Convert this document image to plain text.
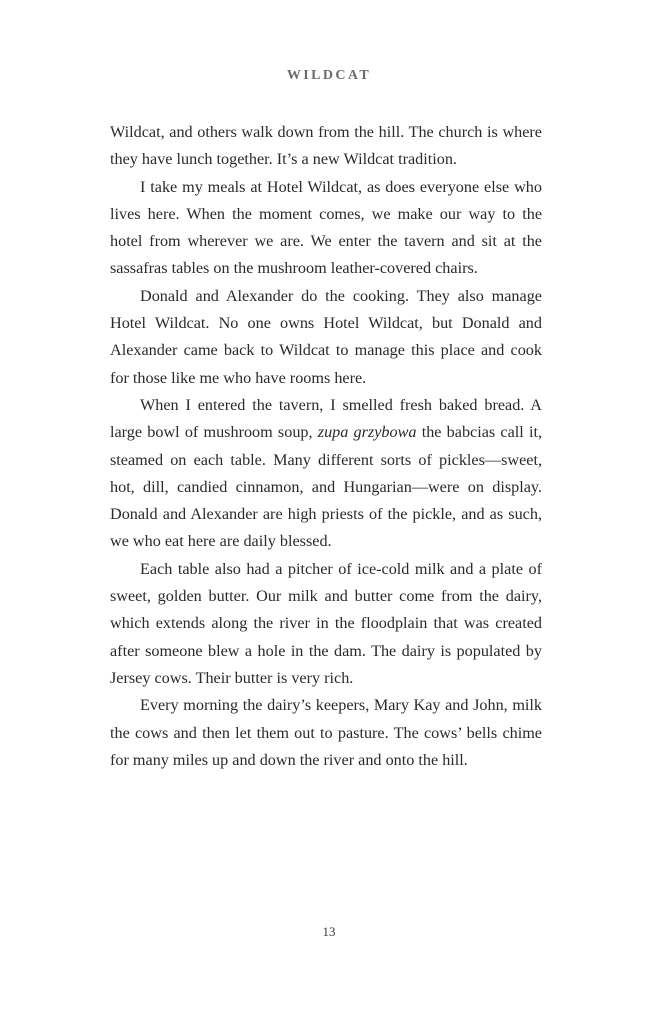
WILDCAT

Wildcat, and others walk down from the hill. The church is where they have lunch together. It’s a new Wildcat tradition.

I take my meals at Hotel Wildcat, as does everyone else who lives here. When the moment comes, we make our way to the hotel from wherever we are. We enter the tavern and sit at the sassafras tables on the mushroom leather-covered chairs.

Donald and Alexander do the cooking. They also manage Hotel Wildcat. No one owns Hotel Wildcat, but Donald and Alexander came back to Wildcat to manage this place and cook for those like me who have rooms here.

When I entered the tavern, I smelled fresh baked bread. A large bowl of mushroom soup, zupa grzybowa the babcias call it, steamed on each table. Many different sorts of pickles—sweet, hot, dill, candied cinnamon, and Hungarian—were on display. Donald and Alexander are high priests of the pickle, and as such, we who eat here are daily blessed.

Each table also had a pitcher of ice-cold milk and a plate of sweet, golden butter. Our milk and butter come from the dairy, which extends along the river in the floodplain that was created after someone blew a hole in the dam. The dairy is populated by Jersey cows. Their butter is very rich.

Every morning the dairy’s keepers, Mary Kay and John, milk the cows and then let them out to pasture. The cows’ bells chime for many miles up and down the river and onto the hill.

13
